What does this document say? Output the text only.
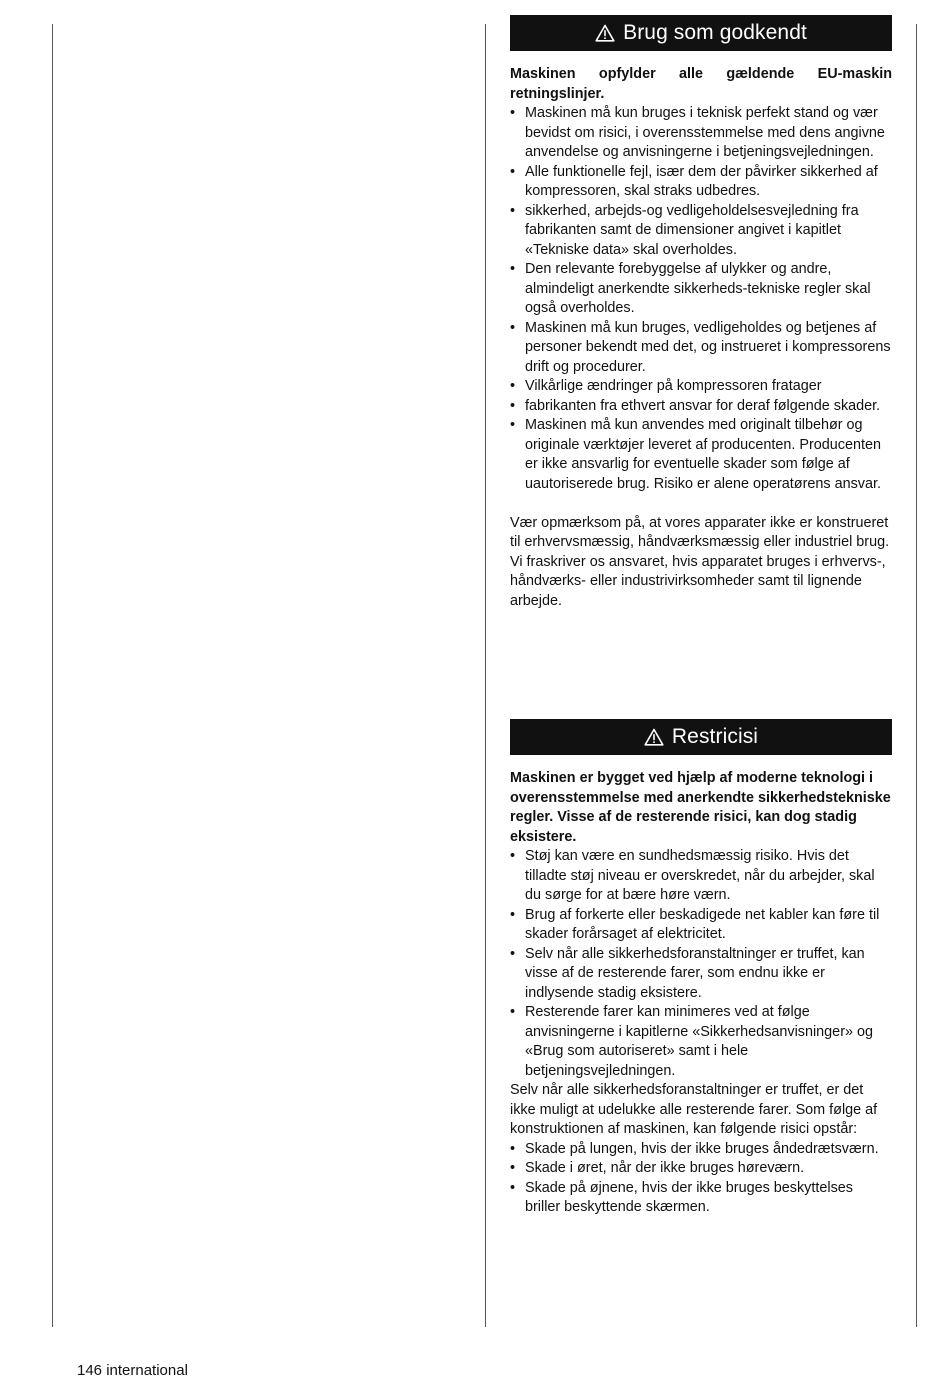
Brug som godkendt

Maskinen opfylder alle gældende EU-maskin retningslinjer.

• Maskinen må kun bruges i teknisk perfekt stand og vær bevidst om risici, i overensstemmelse med dens angivne anvendelse og anvisningerne i betjeningsvejledningen.
• Alle funktionelle fejl, især dem der påvirker sikkerhed af kompressoren, skal straks udbedres.
• sikkerhed, arbejds-og vedligeholdelsesvejledning fra fabrikanten samt de dimensioner angivet i kapitlet «Tekniske data» skal overholdes.
• Den relevante forebyggelse af ulykker og andre, almindeligt anerkendte sikkerheds-tekniske regler skal også overholdes.
• Maskinen må kun bruges, vedligeholdes og betjenes af personer bekendt med det, og instrueret i kompressorens drift og procedurer.
• Vilkårlige ændringer på kompressoren fratager
• fabrikanten fra ethvert ansvar for deraf følgende skader.
• Maskinen må kun anvendes med originalt tilbehør og originale værktøjer leveret af producenten. Producenten er ikke ansvarlig for eventuelle skader som følge af uautoriserede brug. Risiko er alene operatørens ansvar.

Vær opmærksom på, at vores apparater ikke er konstrueret til erhvervsmæssig, håndværksmæssig eller industriel brug. Vi fraskriver os ansvaret, hvis apparatet bruges i erhvervs-, håndværks- eller industrivirksomheder samt til lignende arbejde.

Restricisi

Maskinen er bygget ved hjælp af moderne teknologi i overensstemmelse med anerkendte sikkerhedstekniske
regler. Visse af de resterende risici, kan dog stadig eksistere.

• Støj kan være en sundhedsmæssig risiko. Hvis det tilladte støj niveau er overskredet, når du arbejder, skal du sørge for at bære høre værn.
• Brug af forkerte eller beskadigede net kabler kan føre til skader forårsaget af elektricitet.
• Selv når alle sikkerhedsforanstaltninger er truffet, kan visse af de resterende farer, som endnu ikke er indlysende stadig eksistere.
• Resterende farer kan minimeres ved at følge anvisningerne i kapitlerne «Sikkerhedsanvisninger» og «Brug som autoriseret» samt i hele betjeningsvejledningen.

Selv når alle sikkerhedsforanstaltninger er truffet, er det ikke muligt at udelukke alle resterende farer. Som følge af konstruktionen af maskinen, kan følgende risici opstår:

• Skade på lungen, hvis der ikke bruges åndedrætsværn.
• Skade i øret, når der ikke bruges høreværn.
• Skade på øjnene, hvis der ikke bruges beskyttelses briller beskyttende skærmen.
146 international
